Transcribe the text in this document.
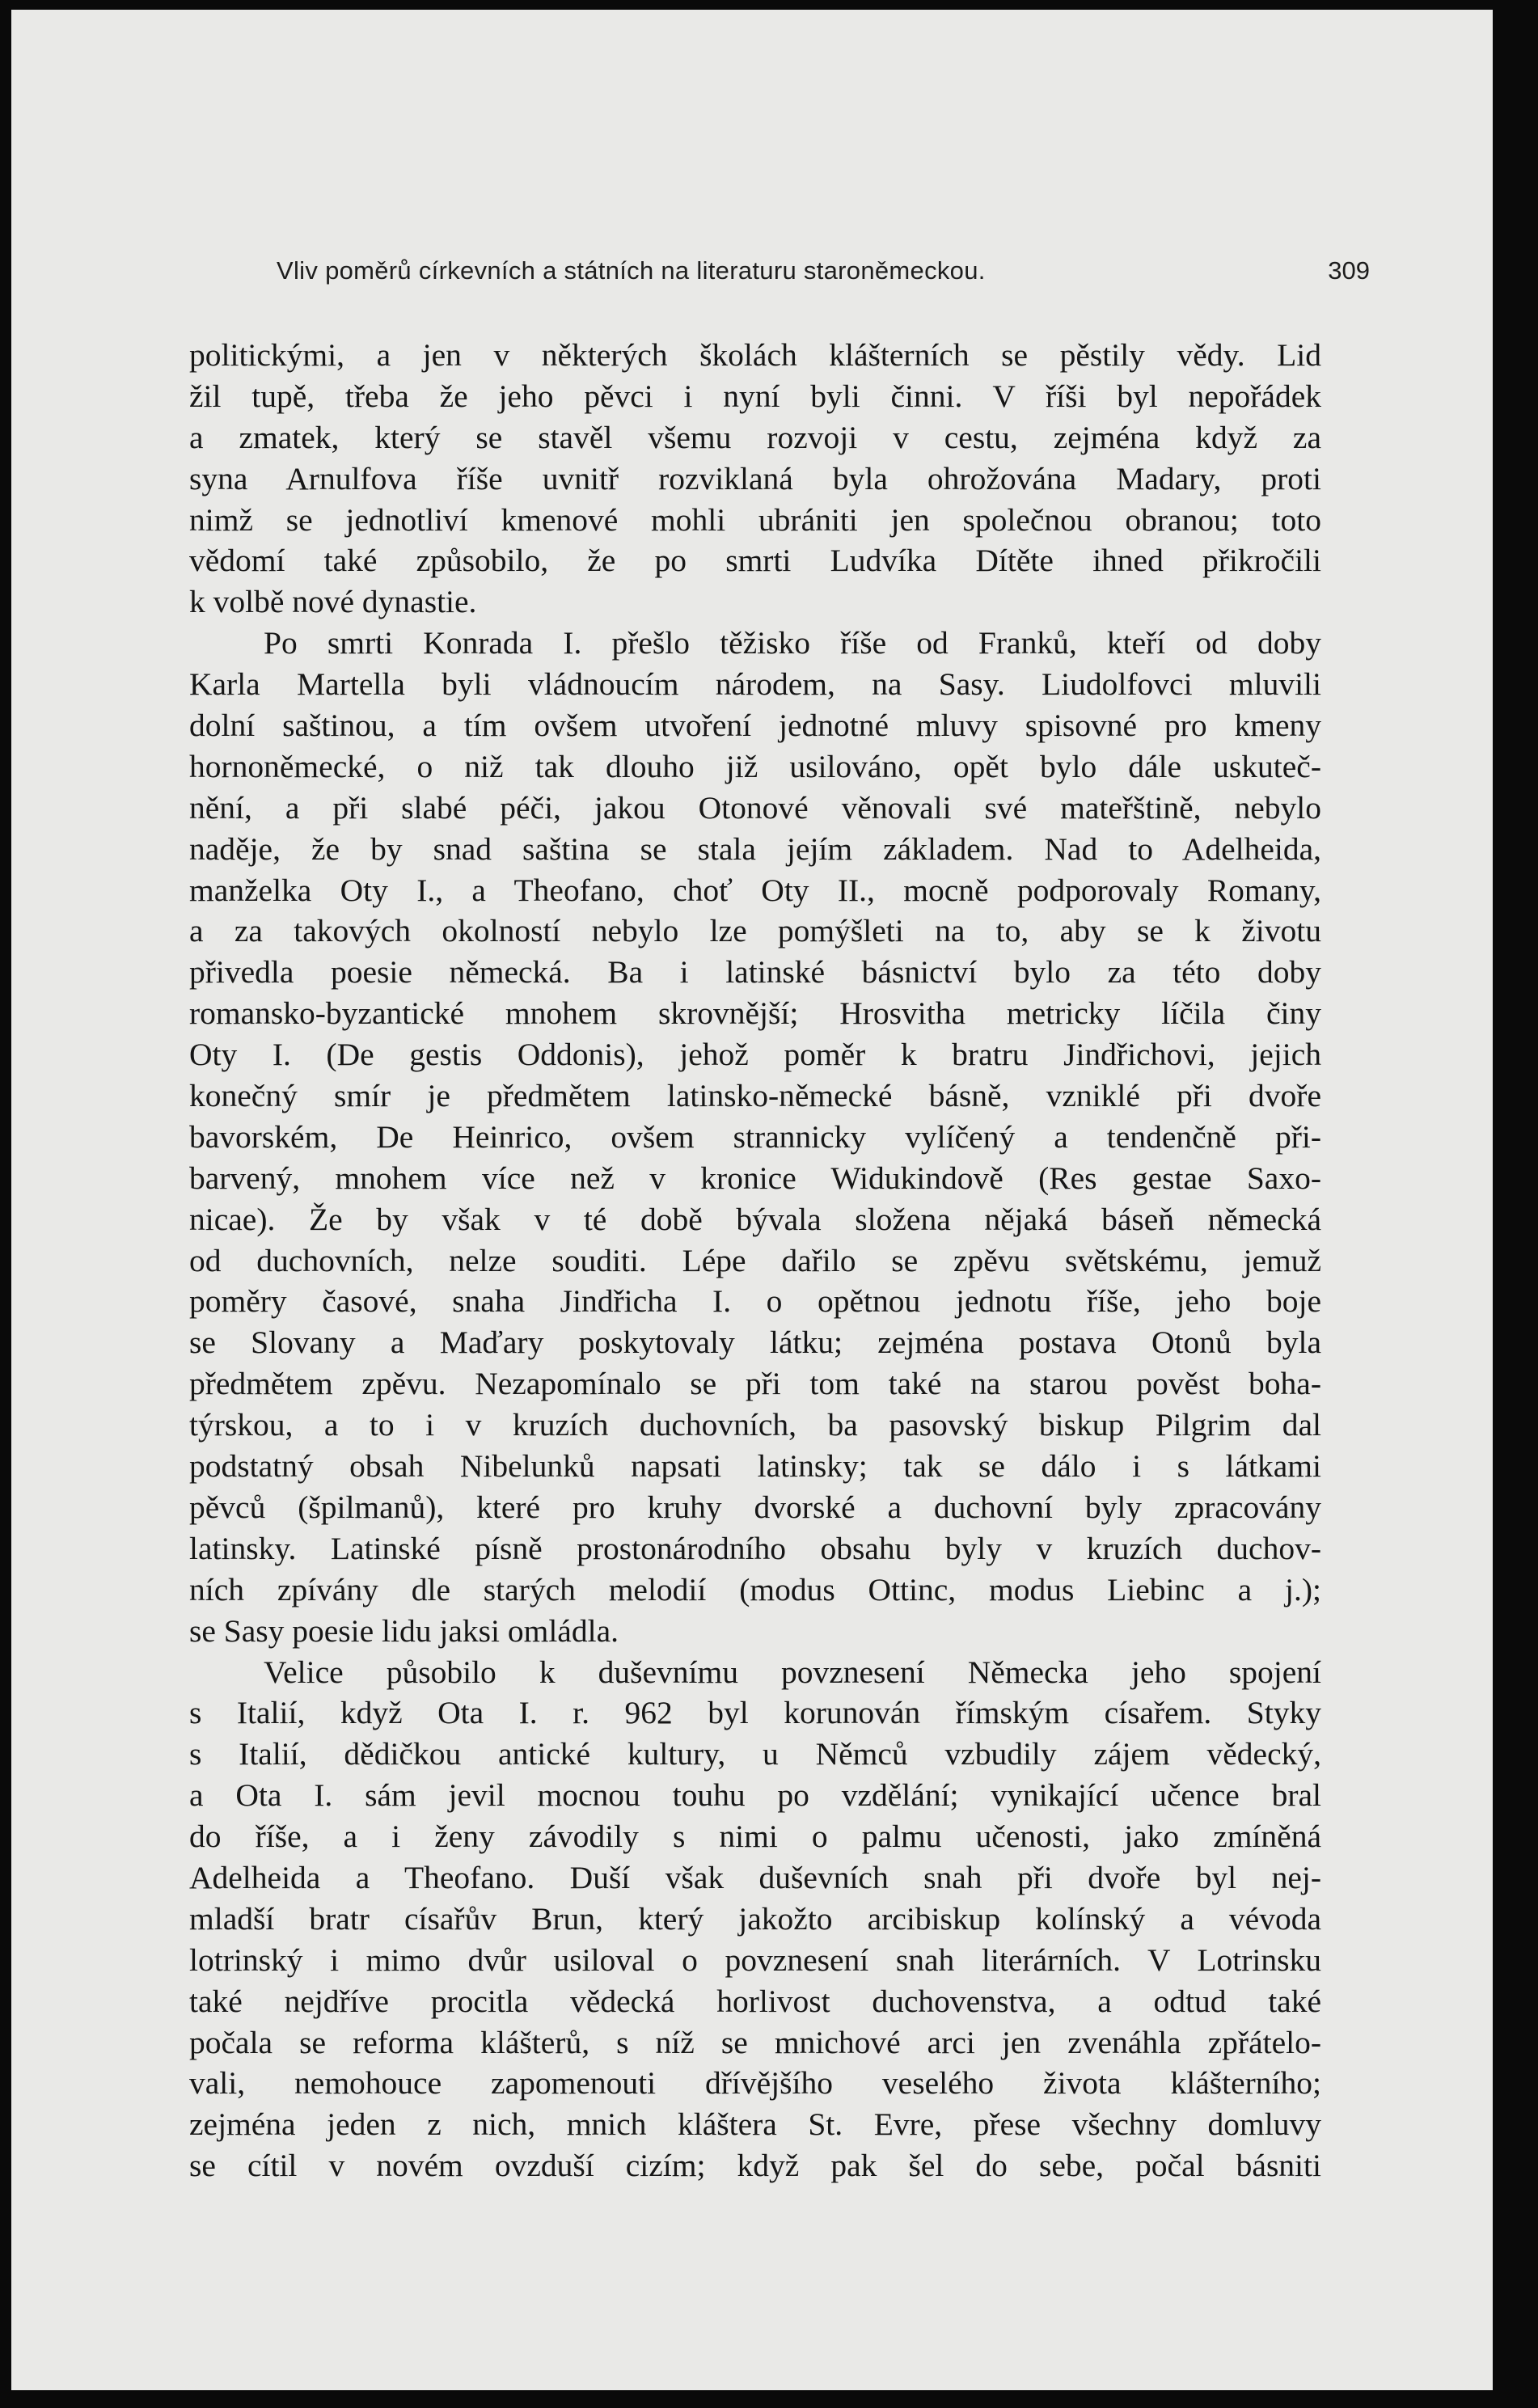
Vliv poměrů církevních a státních na literaturu staroněmeckou.	309
politickými, a jen v některých školách klášterních se pěstily vědy. Lid
žil tupě, třeba že jeho pěvci i nyní byli činni. V říši byl nepořádek
a zmatek, který se stavěl všemu rozvoji v cestu, zejména když za
syna Arnulfova říše uvnitř rozviklaná byla ohrožována Madary, proti
nimž se jednotliví kmenové mohli ubrániti jen společnou obranou; toto
vědomí také způsobilo, že po smrti Ludvíka Dítěte ihned přikročili
k volbě nové dynastie.
Po smrti Konrada I. přešlo těžisko říše od Franků, kteří od doby
Karla Martella byli vládnoucím národem, na Sasy. Liudolfovci mluvili
dolní saštinou, a tím ovšem utvoření jednotné mluvy spisovné pro kmeny
hornoněmecké, o niž tak dlouho již usilováno, opět bylo dále uskuteč-
nění, a při slabé péči, jakou Otonové věnovali své mateřštině, nebylo
naděje, že by snad saština se stala jejím základem. Nad to Adelheida,
manželka Oty I., a Theofano, choť Oty II., mocně podporovaly Romany,
a za takových okolností nebylo lze pomýšleti na to, aby se k životu
přivedla poesie německá. Ba i latinské básnictví bylo za této doby
romansko-byzantické mnohem skrovnější; Hrosvitha metricky líčila činy
Oty I. (De gestis Oddonis), jehož poměr k bratru Jindřichovi, jejich
konečný smír je předmětem latinsko-německé básně, vzniklé při dvoře
bavorském, De Heinrico, ovšem strannicky vylíčený a tendenčně při-
barvený, mnohem více než v kronice Widukindově (Res gestae Saxo-
nicae). Že by však v té době bývala složena nějaká báseň německá
od duchovních, nelze souditi. Lépe dařilo se zpěvu světskému, jemuž
poměry časové, snaha Jindřicha I. o opětnou jednotu říše, jeho boje
se Slovany a Maďary poskytovaly látku; zejména postava Otonů byla
předmětem zpěvu. Nezapomínalo se při tom také na starou pověst boha-
týrskou, a to i v kruzích duchovních, ba pasovský biskup Pilgrim dal
podstatný obsah Nibelunků napsati latinsky; tak se dálo i s látkami
pěvců (špilmanů), které pro kruhy dvorské a duchovní byly zpracovány
latinsky. Latinské písně prostonárodního obsahu byly v kruzích duchov-
ních zpívány dle starých melodií (modus Ottinc, modus Liebinc a j.);
se Sasy poesie lidu jaksi omládla.
Velice působilo k duševnímu povznesení Německa jeho spojení
s Italií, když Ota I. r. 962 byl korunován římským císařem. Styky
s Italií, dědičkou antické kultury, u Němců vzbudily zájem vědecký,
a Ota I. sám jevil mocnou touhu po vzdělání; vynikající učence bral
do říše, a i ženy závodily s nimi o palmu učenosti, jako zmíněná
Adelheida a Theofano. Duší však duševních snah při dvoře byl nej-
mladší bratr císařův Brun, který jakožto arcibiskup kolínský a vévoda
lotrinský i mimo dvůr usiloval o povznesení snah literárních. V Lotrinsku
také nejdříve procitla vědecká horlivost duchovenstva, a odtud také
počala se reforma klášterů, s níž se mnichové arci jen zvenáhla zpřátelo-
vali, nemohouce zapomenouti dřívějšího veselého života klášterního;
zejména jeden z nich, mnich kláštera St. Evre, přese všechny domluvy
se cítil v novém ovzduší cizím; když pak šel do sebe, počal básniti
